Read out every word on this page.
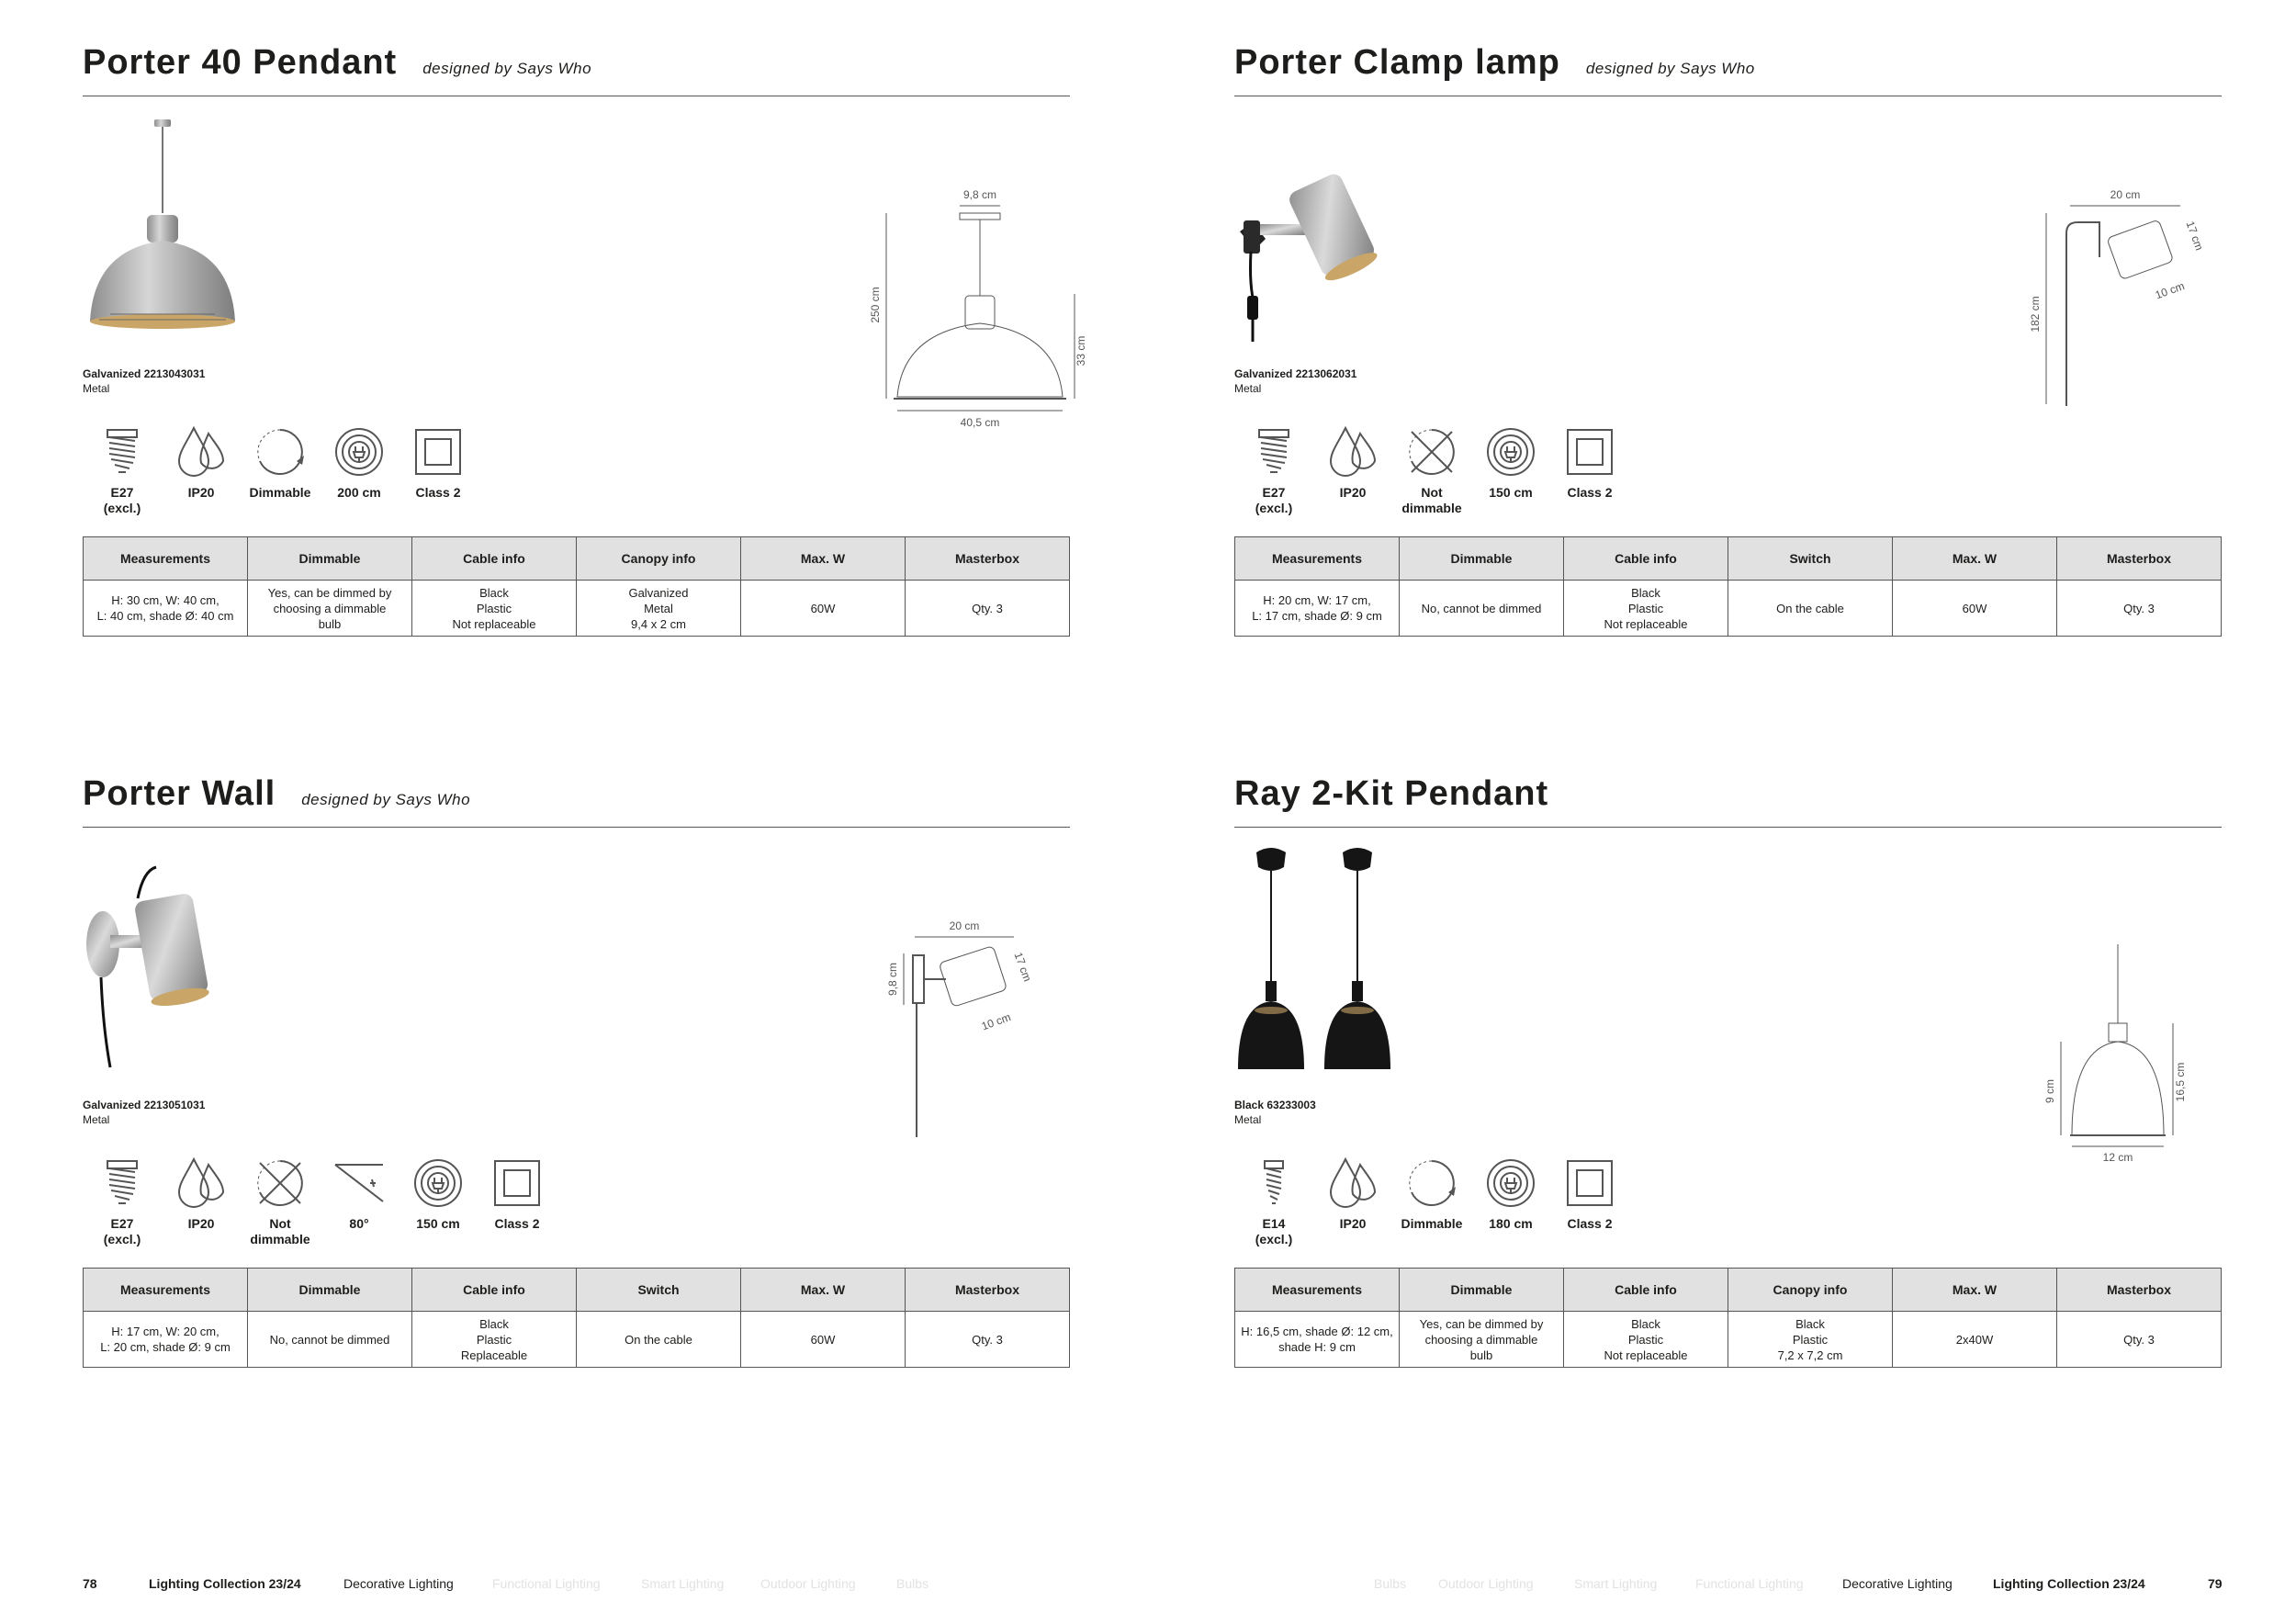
Porter 40 Pendant designed by Says Who
9,8 cm
250 cm
33 cm
40,5 cm
Galvanized 2213043031
Metal
E27
(excl.)
IP20	Dimmable	200 cm	Class 2
Measurements	Dimmable	Cable info	Canopy info	Max. W	Masterbox
H: 30 cm, W: 40 cm,
L: 40 cm, shade Ø: 40 cm	Yes, can be dimmed by
choosing a dimmable
bulb	Black
Plastic
Not replaceable	Galvanized
Metal
9,4 x 2 cm	60W	Qty. 3
Porter Clamp lamp designed by Says Who
20 cm
182 cm
17 cm
10 cm
Galvanized 2213062031
Metal
E27
(excl.)
IP20	Not
dimmable
150 cm	Class 2
Measurements	Dimmable	Cable info	Switch	Max. W	Masterbox
H: 20 cm, W: 17 cm,
L: 17 cm, shade Ø: 9 cm	No, cannot be dimmed	Black
Plastic
Not replaceable	On the cable	60W	Qty. 3
Porter Wall designed by Says Who
20 cm
9,8 cm	17 cm
10 cm
Galvanized 2213051031
Metal
E27
(excl.)
IP20	Not
dimmable
80°	150 cm	Class 2
Measurements	Dimmable	Cable info	Switch	Max. W	Masterbox
H: 17 cm, W: 20 cm,
L: 20 cm, shade Ø: 9 cm	No, cannot be dimmed	Black
Plastic
Replaceable	On the cable	60W	Qty. 3
Ray 2-Kit Pendant
9 cm	16,5 cm
12 cm
Black 63233003
Metal
E14
(excl.)
IP20	Dimmable	180 cm	Class 2
Measurements	Dimmable	Cable info	Canopy info	Max. W	Masterbox
H: 16,5 cm, shade Ø: 12 cm,
shade H: 9 cm	Yes, can be dimmed by
choosing a dimmable
bulb	Black
Plastic
Not replaceable	Black
Plastic
7,2 x 7,2 cm	2x40W	Qty. 3
78	Lighting Collection 23/24	Decorative Lighting	Functional Lighting	Smart Lighting	Outdoor Lighting	Bulbs	Bulbs Outdoor Lighting	Smart Lighting	Functional Lighting	Decorative Lighting	Lighting Collection 23/24	79
